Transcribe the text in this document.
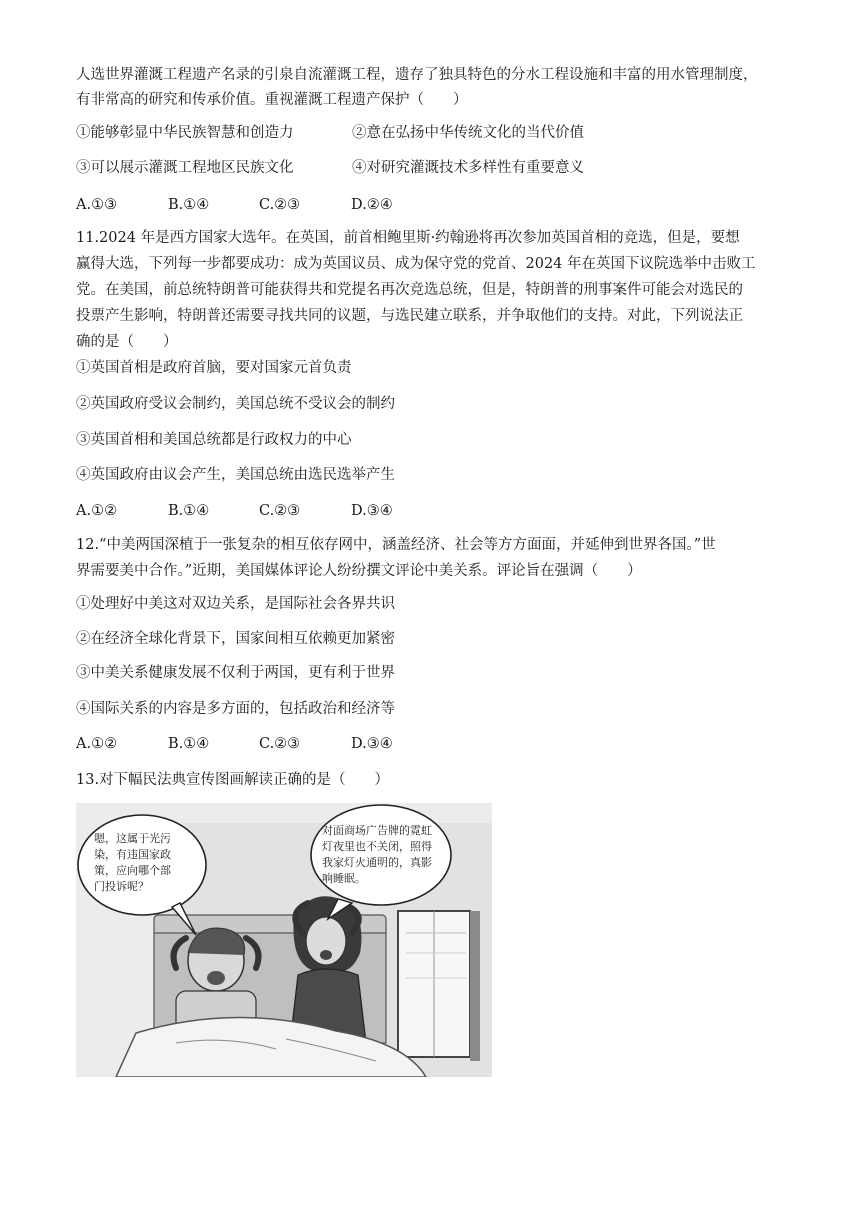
人选世界灌溉工程遗产名录的引泉自流灌溉工程，遗存了独具特色的分水工程设施和丰富的用水管理制度，
有非常高的研究和传承价值。重视灌溉工程遗产保护（　　）
①能够彰显中华民族智慧和创造力	②意在弘扬中华传统文化的当代价值
③可以展示灌溉工程地区民族文化	④对研究灌溉技术多样性有重要意义
A.①③	B.①④	C.②③	D.②④
11.2024 年是西方国家大选年。在英国，前首相鲍里斯·约翰逊将再次参加英国首相的竞选，但是，要想
赢得大选，下列每一步都要成功：成为英国议员、成为保守党的党首、2024 年在英国下议院选举中击败工
党。在美国，前总统特朗普可能获得共和党提名再次竞选总统，但是，特朗普的刑事案件可能会对选民的
投票产生影响，特朗普还需要寻找共同的议题，与选民建立联系，并争取他们的支持。对此，下列说法正
确的是（　　）
①英国首相是政府首脑，要对国家元首负责
②英国政府受议会制约，美国总统不受议会的制约
③英国首相和美国总统都是行政权力的中心
④英国政府由议会产生，美国总统由选民选举产生
A.①②	B.①④	C.②③	D.③④
12.“中美两国深植于一张复杂的相互依存网中，涵盖经济、社会等方方面面，并延伸到世界各国。”世
界需要美中合作。”近期，美国媒体评论人纷纷撰文评论中美关系。评论旨在强调（　　）
①处理好中美这对双边关系，是国际社会各界共识
②在经济全球化背景下，国家间相互依赖更加紧密
③中美关系健康发展不仅利于两国，更有利于世界
④国际关系的内容是多方面的，包括政治和经济等
A.①②	B.①④	C.②③	D.③④
13.对下幅民法典宣传图画解读正确的是（　　）
嗯，这属于光污
染，有违国家政
策，应向哪个部
门投诉呢？
对面商场广告牌的霓虹
灯夜里也不关闭，照得
我家灯火通明的，真影
响睡眠。
